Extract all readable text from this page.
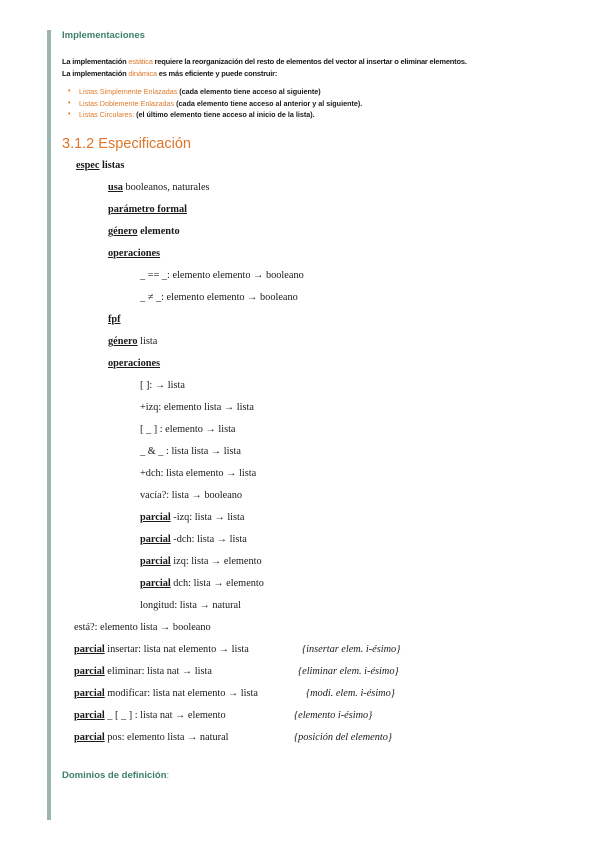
Implementaciones
La implementación estática requiere la reorganización del resto de elementos del vector al insertar o eliminar elementos.
La implementación dinámica es más eficiente y puede construir:
• Listas Simplemente Enlazadas (cada elemento tiene acceso al siguiente)
• Listas Doblemente Enlazadas (cada elemento tiene acceso al anterior y al siguiente).
• Listas Circulares: (el último elemento tiene acceso al inicio de la lista).
3.1.2 Especificación
espec listas
usa booleanos, naturales
parámetro formal
género elemento
operaciones
_ == _: elemento elemento → booleano
_ ≠ _: elemento elemento → booleano
fpf
género lista
operaciones
[ ]: → lista
+izq: elemento lista → lista
[ _ ] : elemento → lista
_ & _ : lista lista → lista
+dch: lista elemento → lista
vacía?: lista → booleano
parcial -izq: lista → lista
parcial -dch: lista → lista
parcial izq: lista → elemento
parcial dch: lista → elemento
longitud: lista → natural
está?: elemento lista → booleano
parcial insertar: lista nat elemento → lista	{insertar elem. i-ésimo}
parcial eliminar: lista nat → lista	{eliminar elem. i-ésimo}
parcial modificar: lista nat elemento → lista	{modi. elem. i-ésimo}
parcial _ [ _ ] : lista nat → elemento	{elemento i-ésimo}
parcial pos: elemento lista → natural	{posición del elemento}
Dominios de definición:
